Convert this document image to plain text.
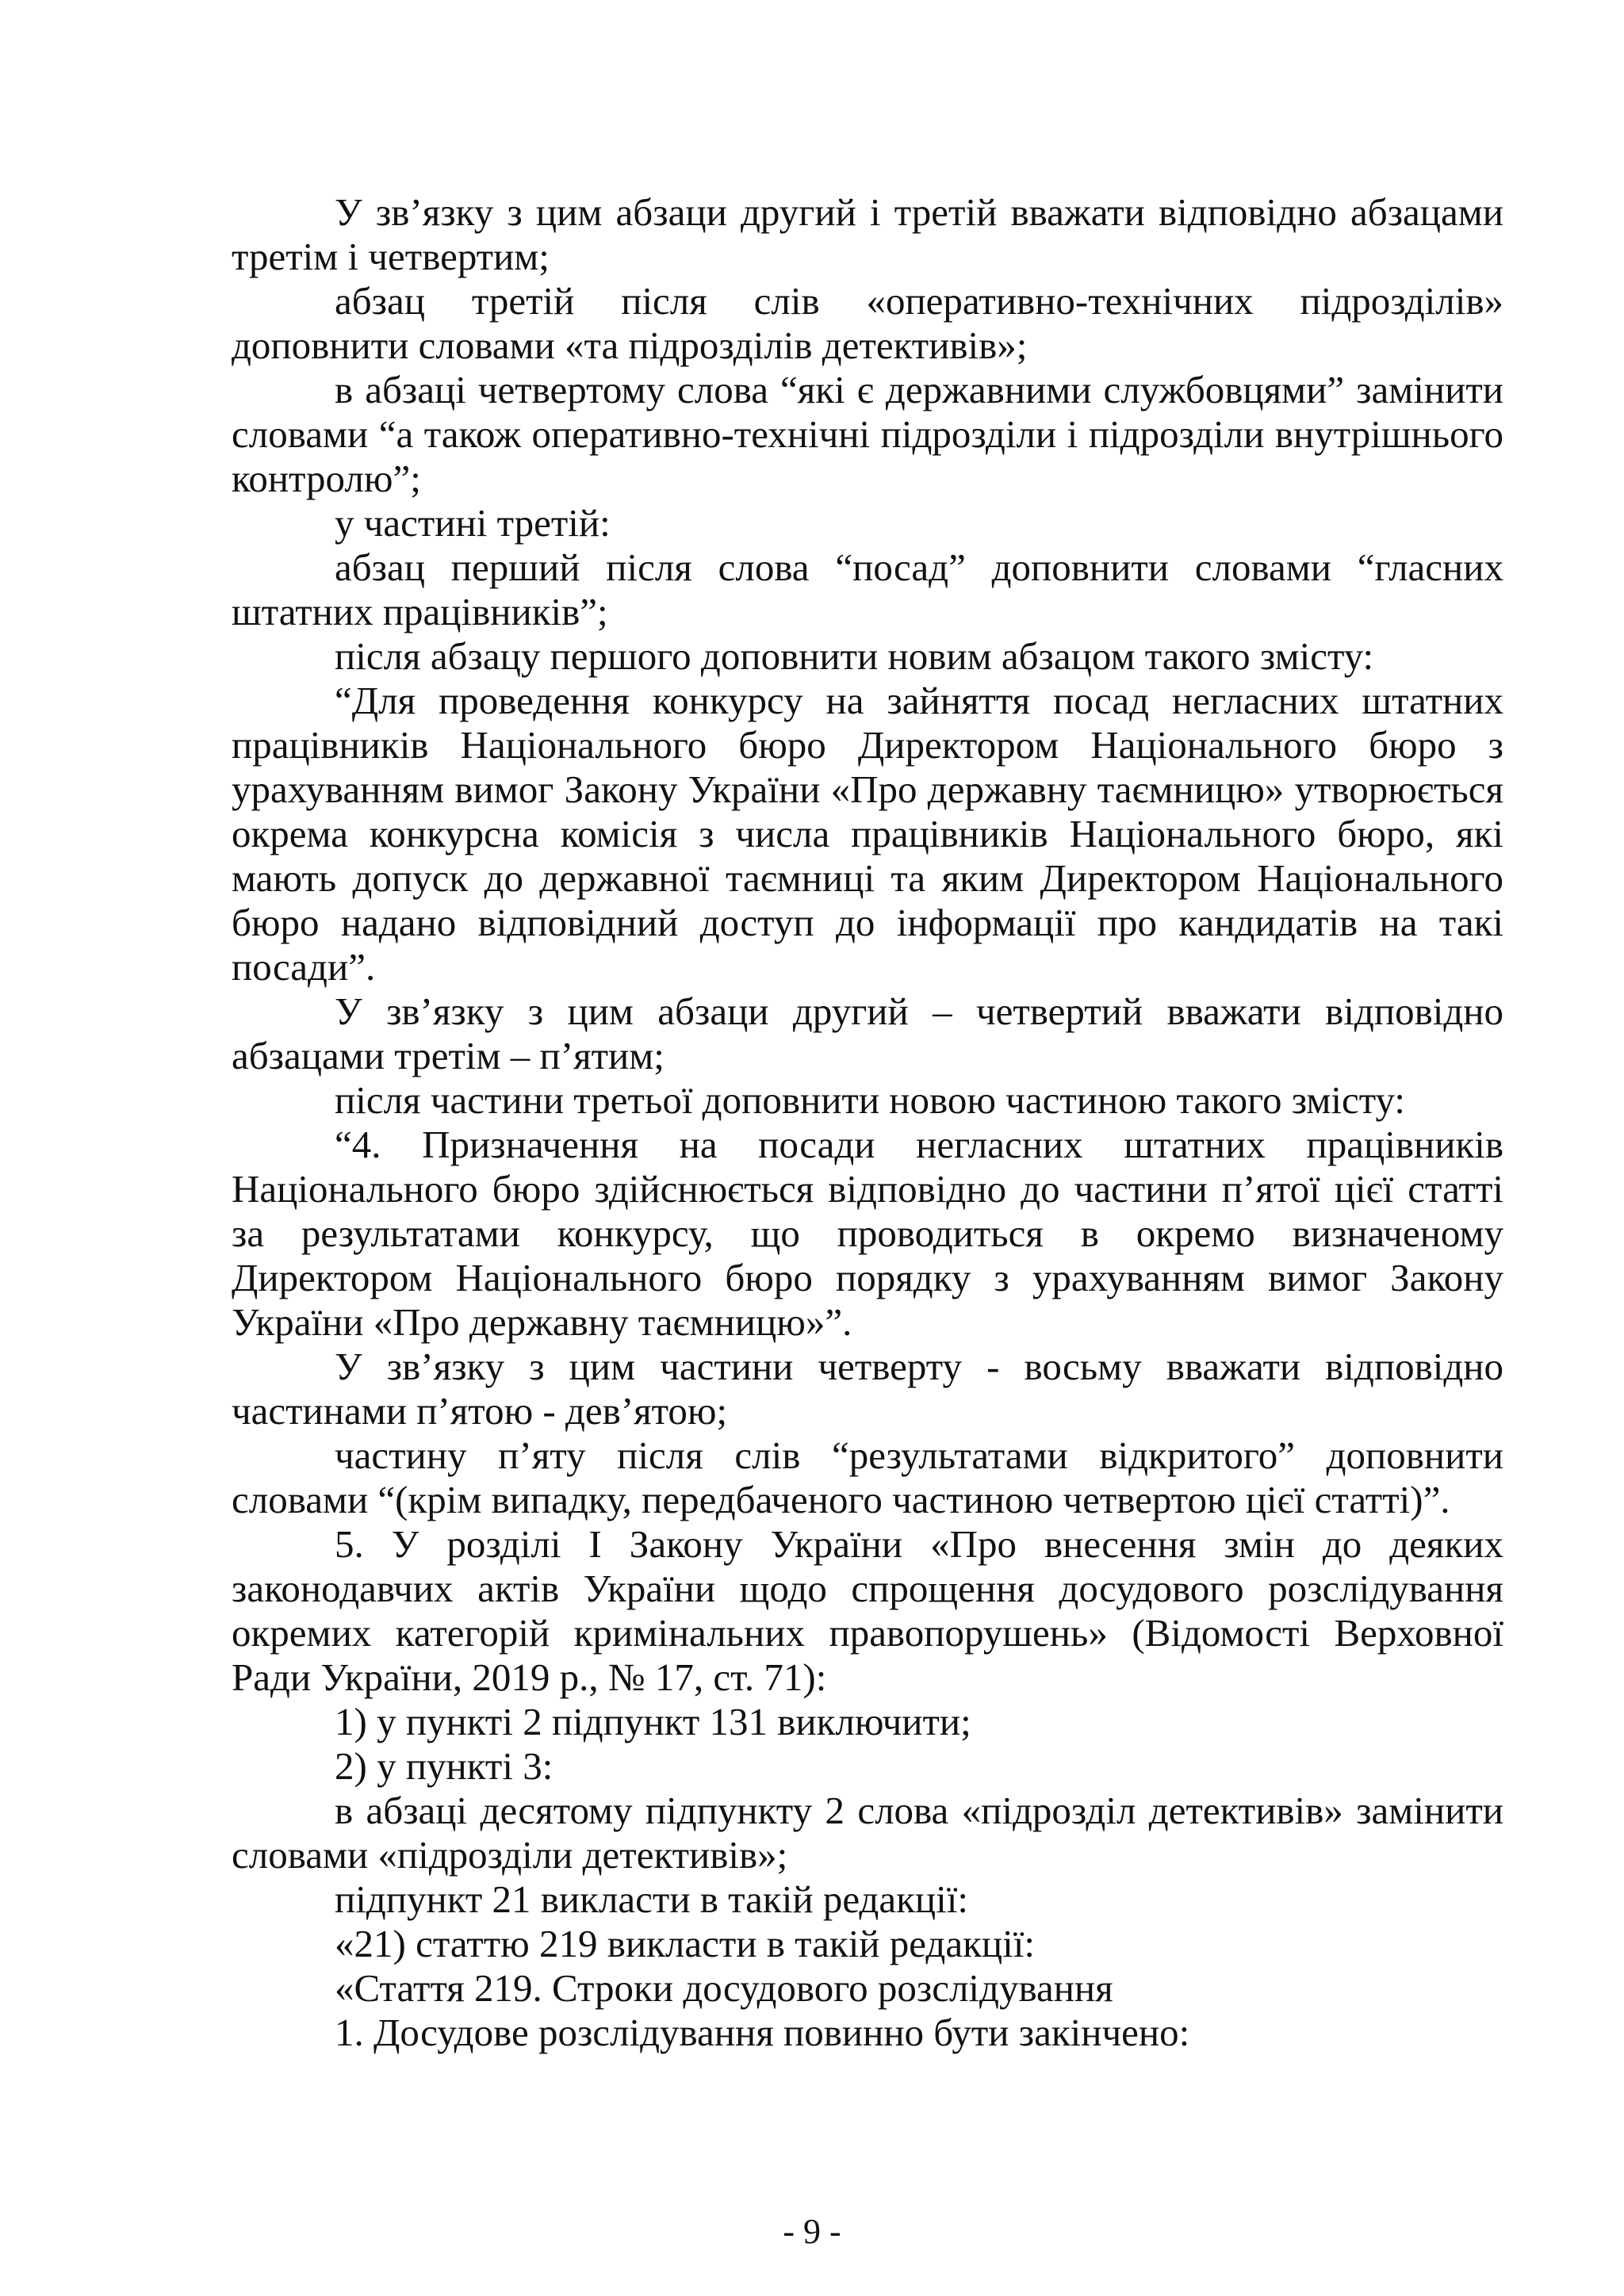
У зв’язку з цим абзаци другий і третій вважати відповідно абзацами третім і четвертим;

абзац третій після слів «оперативно-технічних підрозділів» доповнити словами «та підрозділів детективів»;

в абзаці четвертому слова “які є державними службовцями” замінити словами “а також оперативно-технічні підрозділи і підрозділи внутрішнього контролю”;

у частині третій:

абзац перший після слова “посад” доповнити словами “гласних штатних працівників”;

після абзацу першого доповнити новим абзацом такого змісту:

“Для проведення конкурсу на зайняття посад негласних штатних працівників Національного бюро Директором Національного бюро з урахуванням вимог Закону України «Про державну таємницю» утворюється окрема конкурсна комісія з числа працівників Національного бюро, які мають допуск до державної таємниці та яким Директором Національного бюро надано відповідний доступ до інформації про кандидатів на такі посади”.

У зв’язку з цим абзаци другий – четвертий вважати відповідно абзацами третім – п’ятим;

після частини третьої доповнити новою частиною такого змісту:

“4. Призначення на посади негласних штатних працівників Національного бюро здійснюється відповідно до частини п’ятої цієї статті за результатами конкурсу, що проводиться в окремо визначеному Директором Національного бюро порядку з урахуванням вимог Закону України «Про державну таємницю»”.

У зв’язку з цим частини четверту - восьму вважати відповідно частинами п’ятою - дев’ятою;

частину п’яту після слів “результатами відкритого” доповнити словами “(крім випадку, передбаченого частиною четвертою цієї статті)”.

5. У розділі І Закону України «Про внесення змін до деяких законодавчих актів України щодо спрощення досудового розслідування окремих категорій кримінальних правопорушень» (Відомості Верховної Ради України, 2019 р., № 17, ст. 71):

1) у пункті 2 підпункт 131 виключити;

2) у пункті 3:

в абзаці десятому підпункту 2 слова «підрозділ детективів» замінити словами «підрозділи детективів»;

підпункт 21 викласти в такій редакції:

«21) статтю 219 викласти в такій редакції:

«Стаття 219. Строки досудового розслідування

1. Досудове розслідування повинно бути закінчено:

- 9 -
